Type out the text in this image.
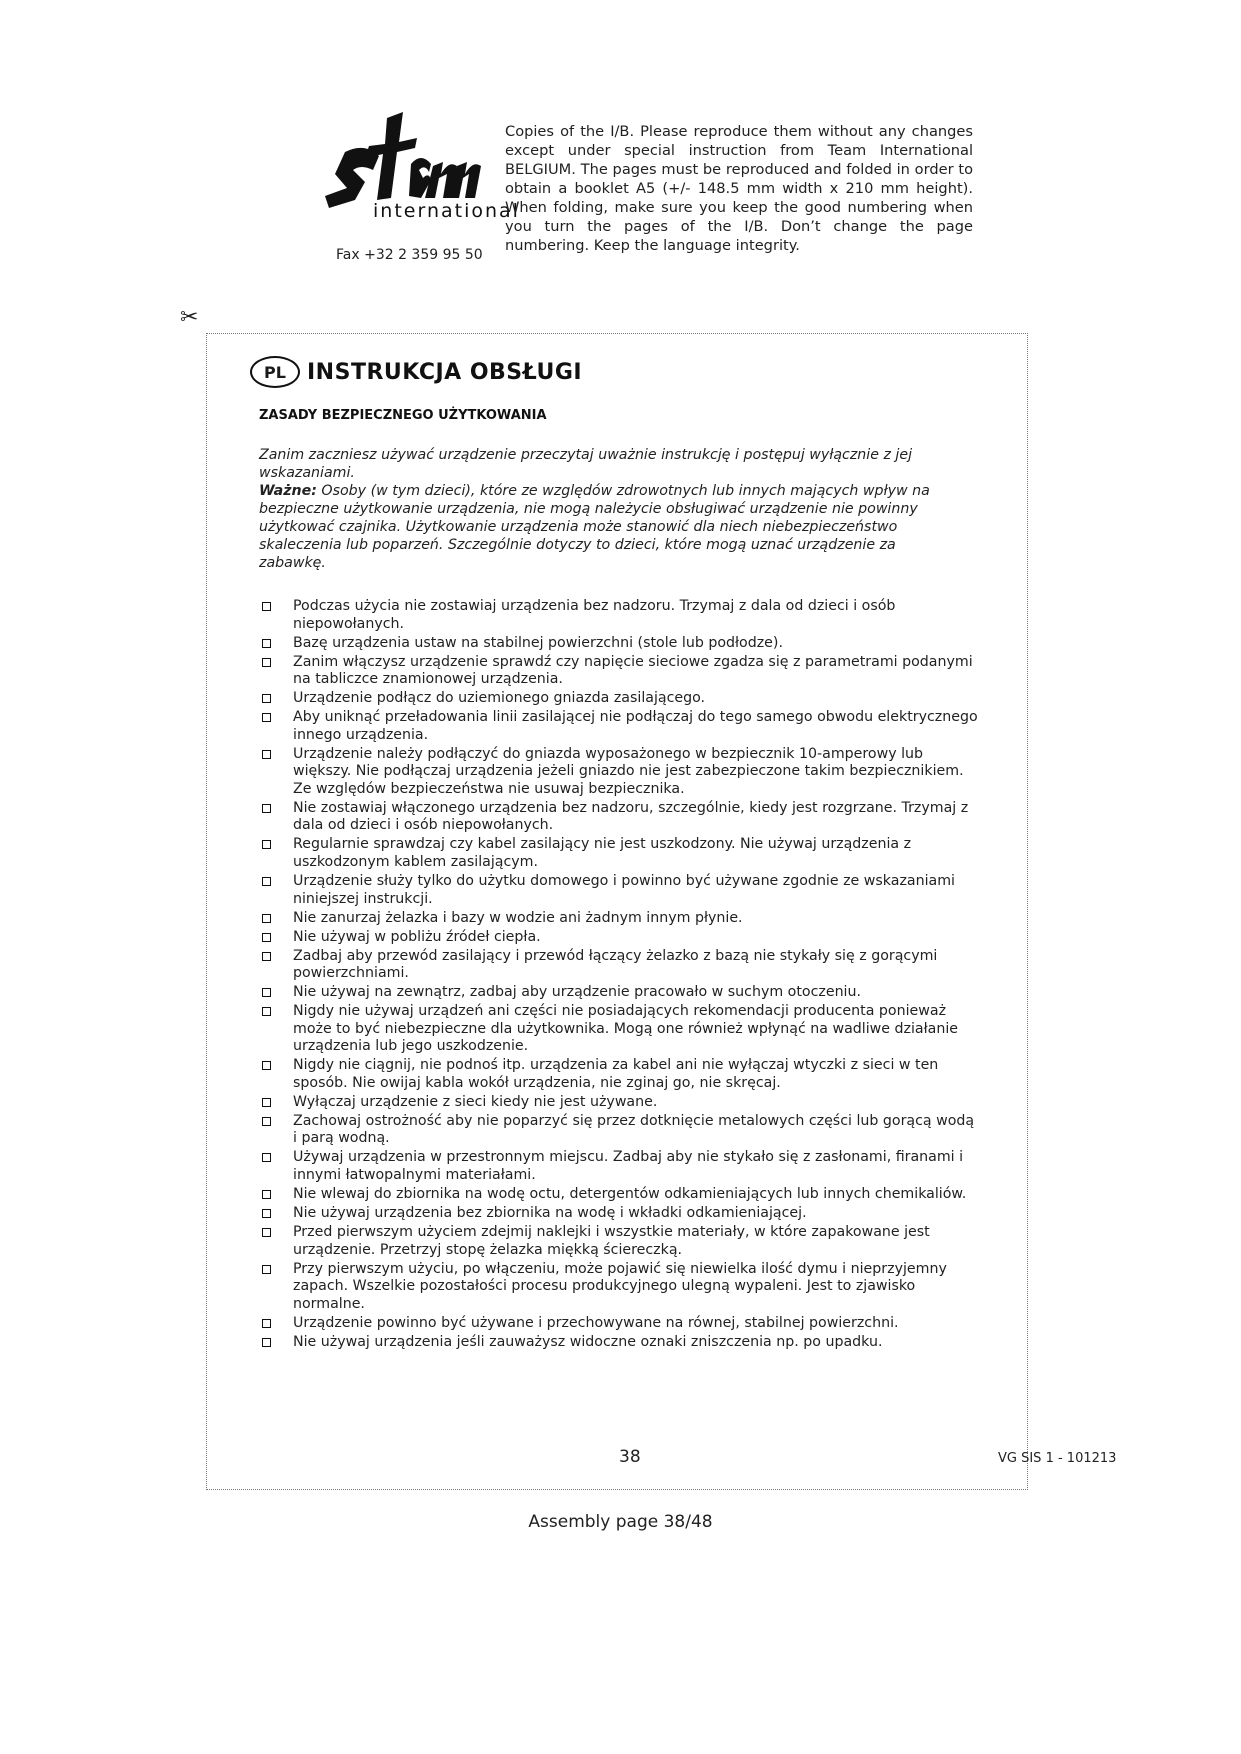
international
Fax +32 2 359 95 50

Copies of the I/B. Please reproduce them without any changes except under special instruction from Team International BELGIUM. The pages must be reproduced and folded in order to obtain a booklet A5 (+/- 148.5 mm width x 210 mm height). When folding, make sure you keep the good numbering when you turn the pages of the I/B. Don’t change the page numbering. Keep the language integrity.

✂
PL INSTRUKCJA OBSŁUGI
ZASADY BEZPIECZNEGO UŻYTKOWANIA

Zanim zaczniesz używać urządzenie przeczytaj uważnie instrukcję i postępuj wyłącznie z jej wskazaniami.
Ważne: Osoby (w tym dzieci), które ze względów zdrowotnych lub innych mających wpływ na bezpieczne użytkowanie urządzenia, nie mogą należycie obsługiwać urządzenie nie powinny użytkować czajnika. Użytkowanie urządzenia może stanowić dla niech niebezpieczeństwo skaleczenia lub poparzeń. Szczególnie dotyczy to dzieci, które mogą uznać urządzenie za zabawkę.

Podczas użycia nie zostawiaj urządzenia bez nadzoru. Trzymaj z dala od dzieci i osób niepowołanych.
Bazę urządzenia ustaw na stabilnej powierzchni (stole lub podłodze).
Zanim włączysz urządzenie sprawdź czy napięcie sieciowe zgadza się z parametrami podanymi na tabliczce znamionowej urządzenia.
Urządzenie podłącz do uziemionego gniazda zasilającego.
Aby uniknąć przeładowania linii zasilającej nie podłączaj do tego samego obwodu elektrycznego innego urządzenia.
Urządzenie należy podłączyć do gniazda wyposażonego w bezpiecznik 10-amperowy lub większy. Nie podłączaj urządzenia jeżeli gniazdo nie jest zabezpieczone takim bezpiecznikiem. Ze względów bezpieczeństwa nie usuwaj bezpiecznika.
Nie zostawiaj włączonego urządzenia bez nadzoru, szczególnie, kiedy jest rozgrzane. Trzymaj z dala od dzieci i osób niepowołanych.
Regularnie sprawdzaj czy kabel zasilający nie jest uszkodzony. Nie używaj urządzenia z uszkodzonym kablem zasilającym.
Urządzenie służy tylko do użytku domowego i powinno być używane zgodnie ze wskazaniami niniejszej instrukcji.
Nie zanurzaj żelazka i bazy w wodzie ani żadnym innym płynie.
Nie używaj w pobliżu źródeł ciepła.
Zadbaj aby przewód zasilający i przewód łączący żelazko z bazą nie stykały się z gorącymi powierzchniami.
Nie używaj na zewnątrz, zadbaj aby urządzenie pracowało w suchym otoczeniu.
Nigdy nie używaj urządzeń ani części nie posiadających rekomendacji producenta ponieważ może to być niebezpieczne dla użytkownika. Mogą one również wpłynąć na wadliwe działanie urządzenia lub jego uszkodzenie.
Nigdy nie ciągnij, nie podnoś itp. urządzenia za kabel ani nie wyłączaj wtyczki z sieci w ten sposób. Nie owijaj kabla wokół urządzenia, nie zginaj go, nie skręcaj.
Wyłączaj urządzenie z sieci kiedy nie jest używane.
Zachowaj ostrożność aby nie poparzyć się przez dotknięcie metalowych części lub gorącą wodą i parą wodną.
Używaj urządzenia w przestronnym miejscu. Zadbaj aby nie stykało się z zasłonami, firanami i innymi łatwopalnymi materiałami.
Nie wlewaj do zbiornika na wodę octu, detergentów odkamieniających lub innych chemikaliów.
Nie używaj urządzenia bez zbiornika na wodę i wkładki odkamieniającej.
Przed pierwszym użyciem zdejmij naklejki i wszystkie materiały, w które zapakowane jest urządzenie. Przetrzyj stopę żelazka miękką ściereczką.
Przy pierwszym użyciu, po włączeniu, może pojawić się niewielka ilość dymu i nieprzyjemny zapach. Wszelkie pozostałości procesu produkcyjnego ulegną wypaleni. Jest to zjawisko normalne.
Urządzenie powinno być używane i przechowywane na równej, stabilnej powierzchni.
Nie używaj urządzenia jeśli zauważysz widoczne oznaki zniszczenia np. po upadku.
38	VG SIS 1 - 101213
Assembly page 38/48
